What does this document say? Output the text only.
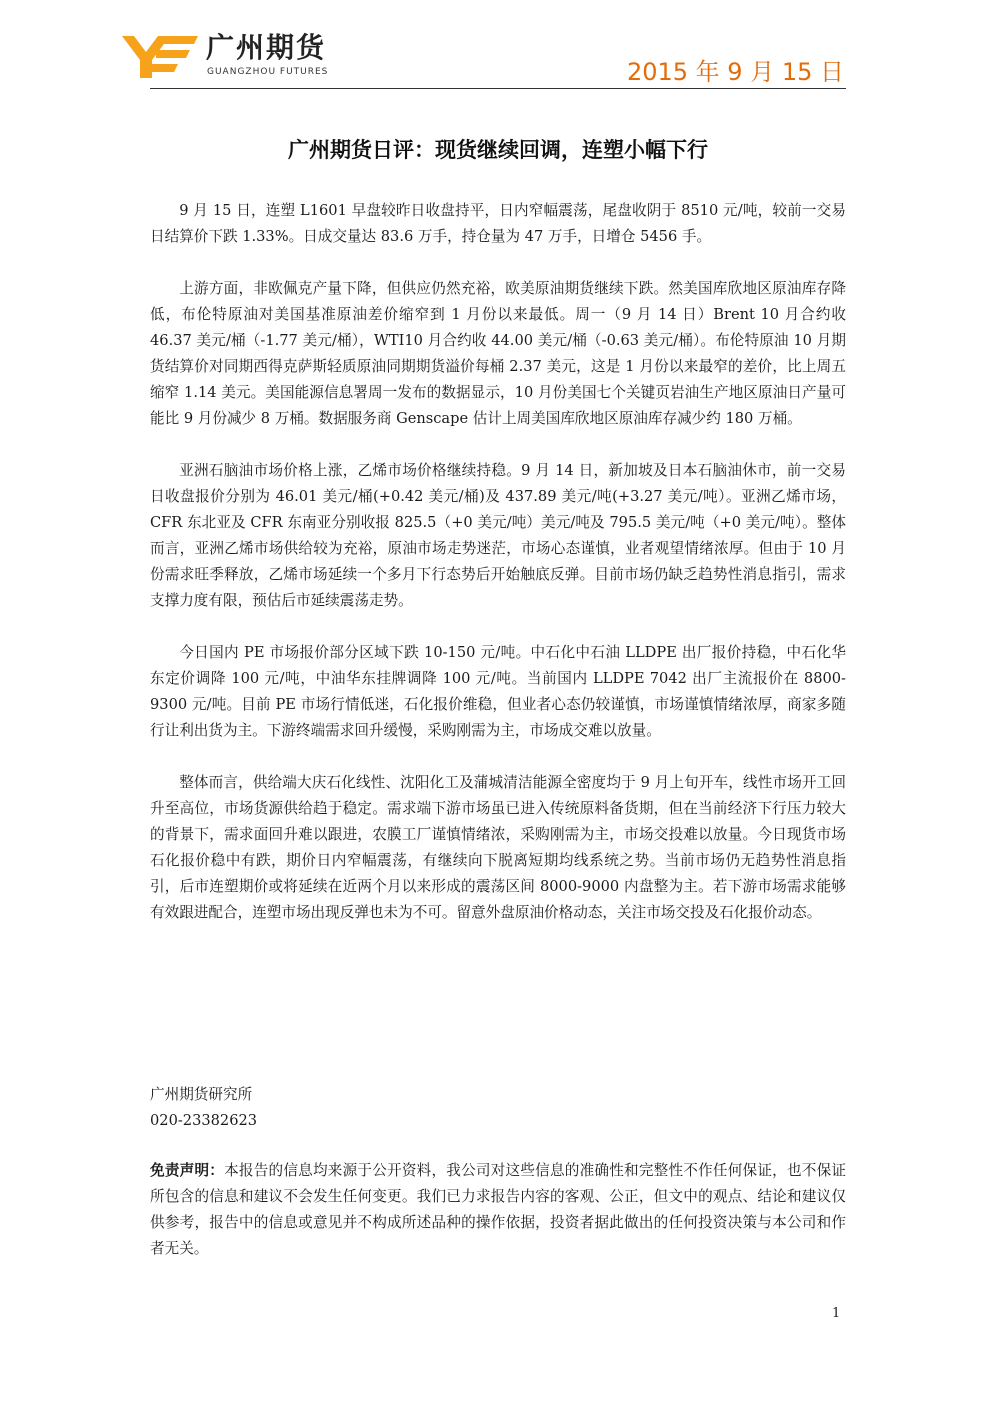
广州期货
GUANGZHOU FUTURES	2015 年 9 月 15 日
广州期货日评：现货继续回调，连塑小幅下行

9 月 15 日，连塑 L1601 早盘较昨日收盘持平，日内窄幅震荡，尾盘收阴于 8510 元/吨，较前一交易日结算价下跌 1.33%。日成交量达 83.6 万手，持仓量为 47 万手，日增仓 5456 手。

上游方面，非欧佩克产量下降，但供应仍然充裕，欧美原油期货继续下跌。然美国库欣地区原油库存降低，布伦特原油对美国基准原油差价缩窄到 1 月份以来最低。周一（9 月 14 日）Brent 10 月合约收 46.37 美元/桶（-1.77 美元/桶），WTI10 月合约收 44.00 美元/桶（-0.63 美元/桶）。布伦特原油 10 月期货结算价对同期西得克萨斯轻质原油同期期货溢价每桶 2.37 美元，这是 1 月份以来最窄的差价，比上周五缩窄 1.14 美元。美国能源信息署周一发布的数据显示，10 月份美国七个关键页岩油生产地区原油日产量可能比 9 月份减少 8 万桶。数据服务商 Genscape 估计上周美国库欣地区原油库存减少约 180 万桶。

亚洲石脑油市场价格上涨，乙烯市场价格继续持稳。9 月 14 日，新加坡及日本石脑油休市，前一交易日收盘报价分别为 46.01 美元/桶(+0.42 美元/桶)及 437.89 美元/吨(+3.27 美元/吨）。亚洲乙烯市场，CFR 东北亚及 CFR 东南亚分别收报 825.5（+0 美元/吨）美元/吨及 795.5 美元/吨（+0 美元/吨）。整体而言，亚洲乙烯市场供给较为充裕，原油市场走势迷茫，市场心态谨慎，业者观望情绪浓厚。但由于 10 月份需求旺季释放，乙烯市场延续一个多月下行态势后开始触底反弹。目前市场仍缺乏趋势性消息指引，需求支撑力度有限，预估后市延续震荡走势。

今日国内 PE 市场报价部分区域下跌 10-150 元/吨。中石化中石油 LLDPE 出厂报价持稳，中石化华东定价调降 100 元/吨，中油华东挂牌调降 100 元/吨。当前国内 LLDPE 7042 出厂主流报价在 8800-9300 元/吨。目前 PE 市场行情低迷，石化报价维稳，但业者心态仍较谨慎，市场谨慎情绪浓厚，商家多随行让利出货为主。下游终端需求回升缓慢，采购刚需为主，市场成交难以放量。

整体而言，供给端大庆石化线性、沈阳化工及蒲城清洁能源全密度均于 9 月上旬开车，线性市场开工回升至高位，市场货源供给趋于稳定。需求端下游市场虽已进入传统原料备货期，但在当前经济下行压力较大的背景下，需求面回升难以跟进，农膜工厂谨慎情绪浓，采购刚需为主，市场交投难以放量。今日现货市场石化报价稳中有跌，期价日内窄幅震荡，有继续向下脱离短期均线系统之势。当前市场仍无趋势性消息指引，后市连塑期价或将延续在近两个月以来形成的震荡区间 8000-9000 内盘整为主。若下游市场需求能够有效跟进配合，连塑市场出现反弹也未为不可。留意外盘原油价格动态，关注市场交投及石化报价动态。

广州期货研究所
020-23382623
免责声明：本报告的信息均来源于公开资料，我公司对这些信息的准确性和完整性不作任何保证，也不保证所包含的信息和建议不会发生任何变更。我们已力求报告内容的客观、公正，但文中的观点、结论和建议仅供参考，报告中的信息或意见并不构成所述品种的操作依据，投资者据此做出的任何投资决策与本公司和作者无关。
1
